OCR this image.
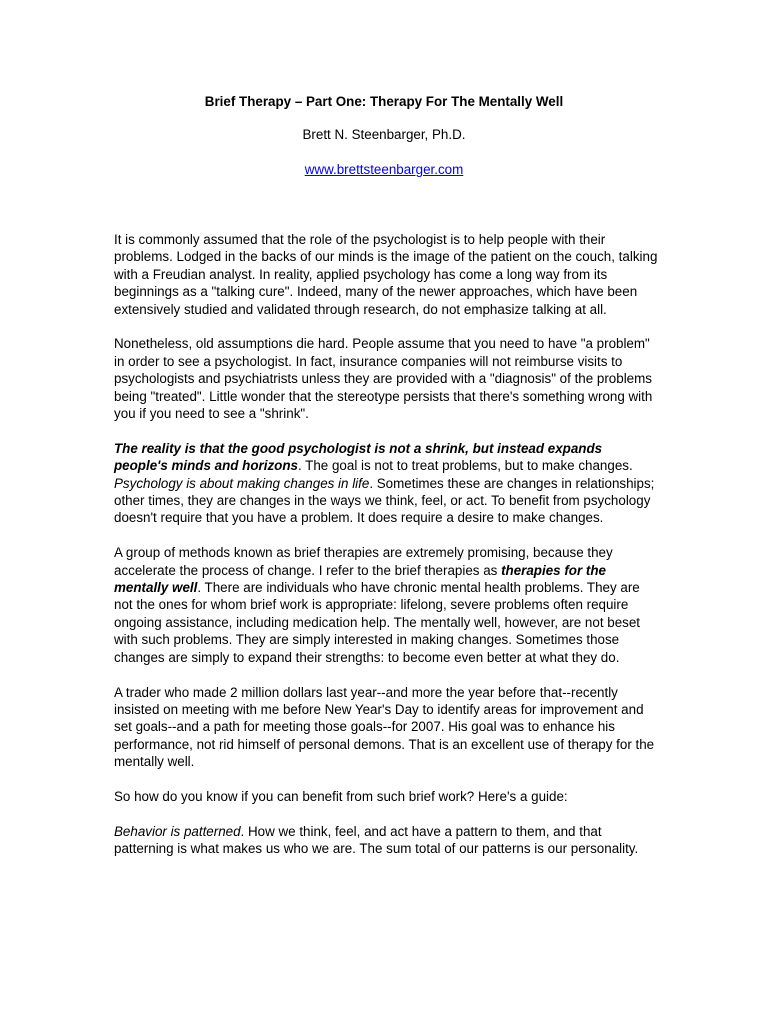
Brief Therapy – Part One: Therapy For The Mentally Well
Brett N. Steenbarger, Ph.D.
www.brettsteenbarger.com

It is commonly assumed that the role of the psychologist is to help people with their problems. Lodged in the backs of our minds is the image of the patient on the couch, talking with a Freudian analyst. In reality, applied psychology has come a long way from its beginnings as a "talking cure". Indeed, many of the newer approaches, which have been extensively studied and validated through research, do not emphasize talking at all.

Nonetheless, old assumptions die hard. People assume that you need to have "a problem" in order to see a psychologist. In fact, insurance companies will not reimburse visits to psychologists and psychiatrists unless they are provided with a "diagnosis" of the problems being "treated". Little wonder that the stereotype persists that there's something wrong with you if you need to see a "shrink".

The reality is that the good psychologist is not a shrink, but instead expands people's minds and horizons. The goal is not to treat problems, but to make changes. Psychology is about making changes in life. Sometimes these are changes in relationships; other times, they are changes in the ways we think, feel, or act. To benefit from psychology doesn't require that you have a problem. It does require a desire to make changes.

A group of methods known as brief therapies are extremely promising, because they accelerate the process of change. I refer to the brief therapies as therapies for the mentally well. There are individuals who have chronic mental health problems. They are not the ones for whom brief work is appropriate: lifelong, severe problems often require ongoing assistance, including medication help. The mentally well, however, are not beset with such problems. They are simply interested in making changes. Sometimes those changes are simply to expand their strengths: to become even better at what they do.

A trader who made 2 million dollars last year--and more the year before that--recently insisted on meeting with me before New Year's Day to identify areas for improvement and set goals--and a path for meeting those goals--for 2007. His goal was to enhance his performance, not rid himself of personal demons. That is an excellent use of therapy for the mentally well.

So how do you know if you can benefit from such brief work? Here's a guide:

Behavior is patterned. How we think, feel, and act have a pattern to them, and that patterning is what makes us who we are. The sum total of our patterns is our personality.
